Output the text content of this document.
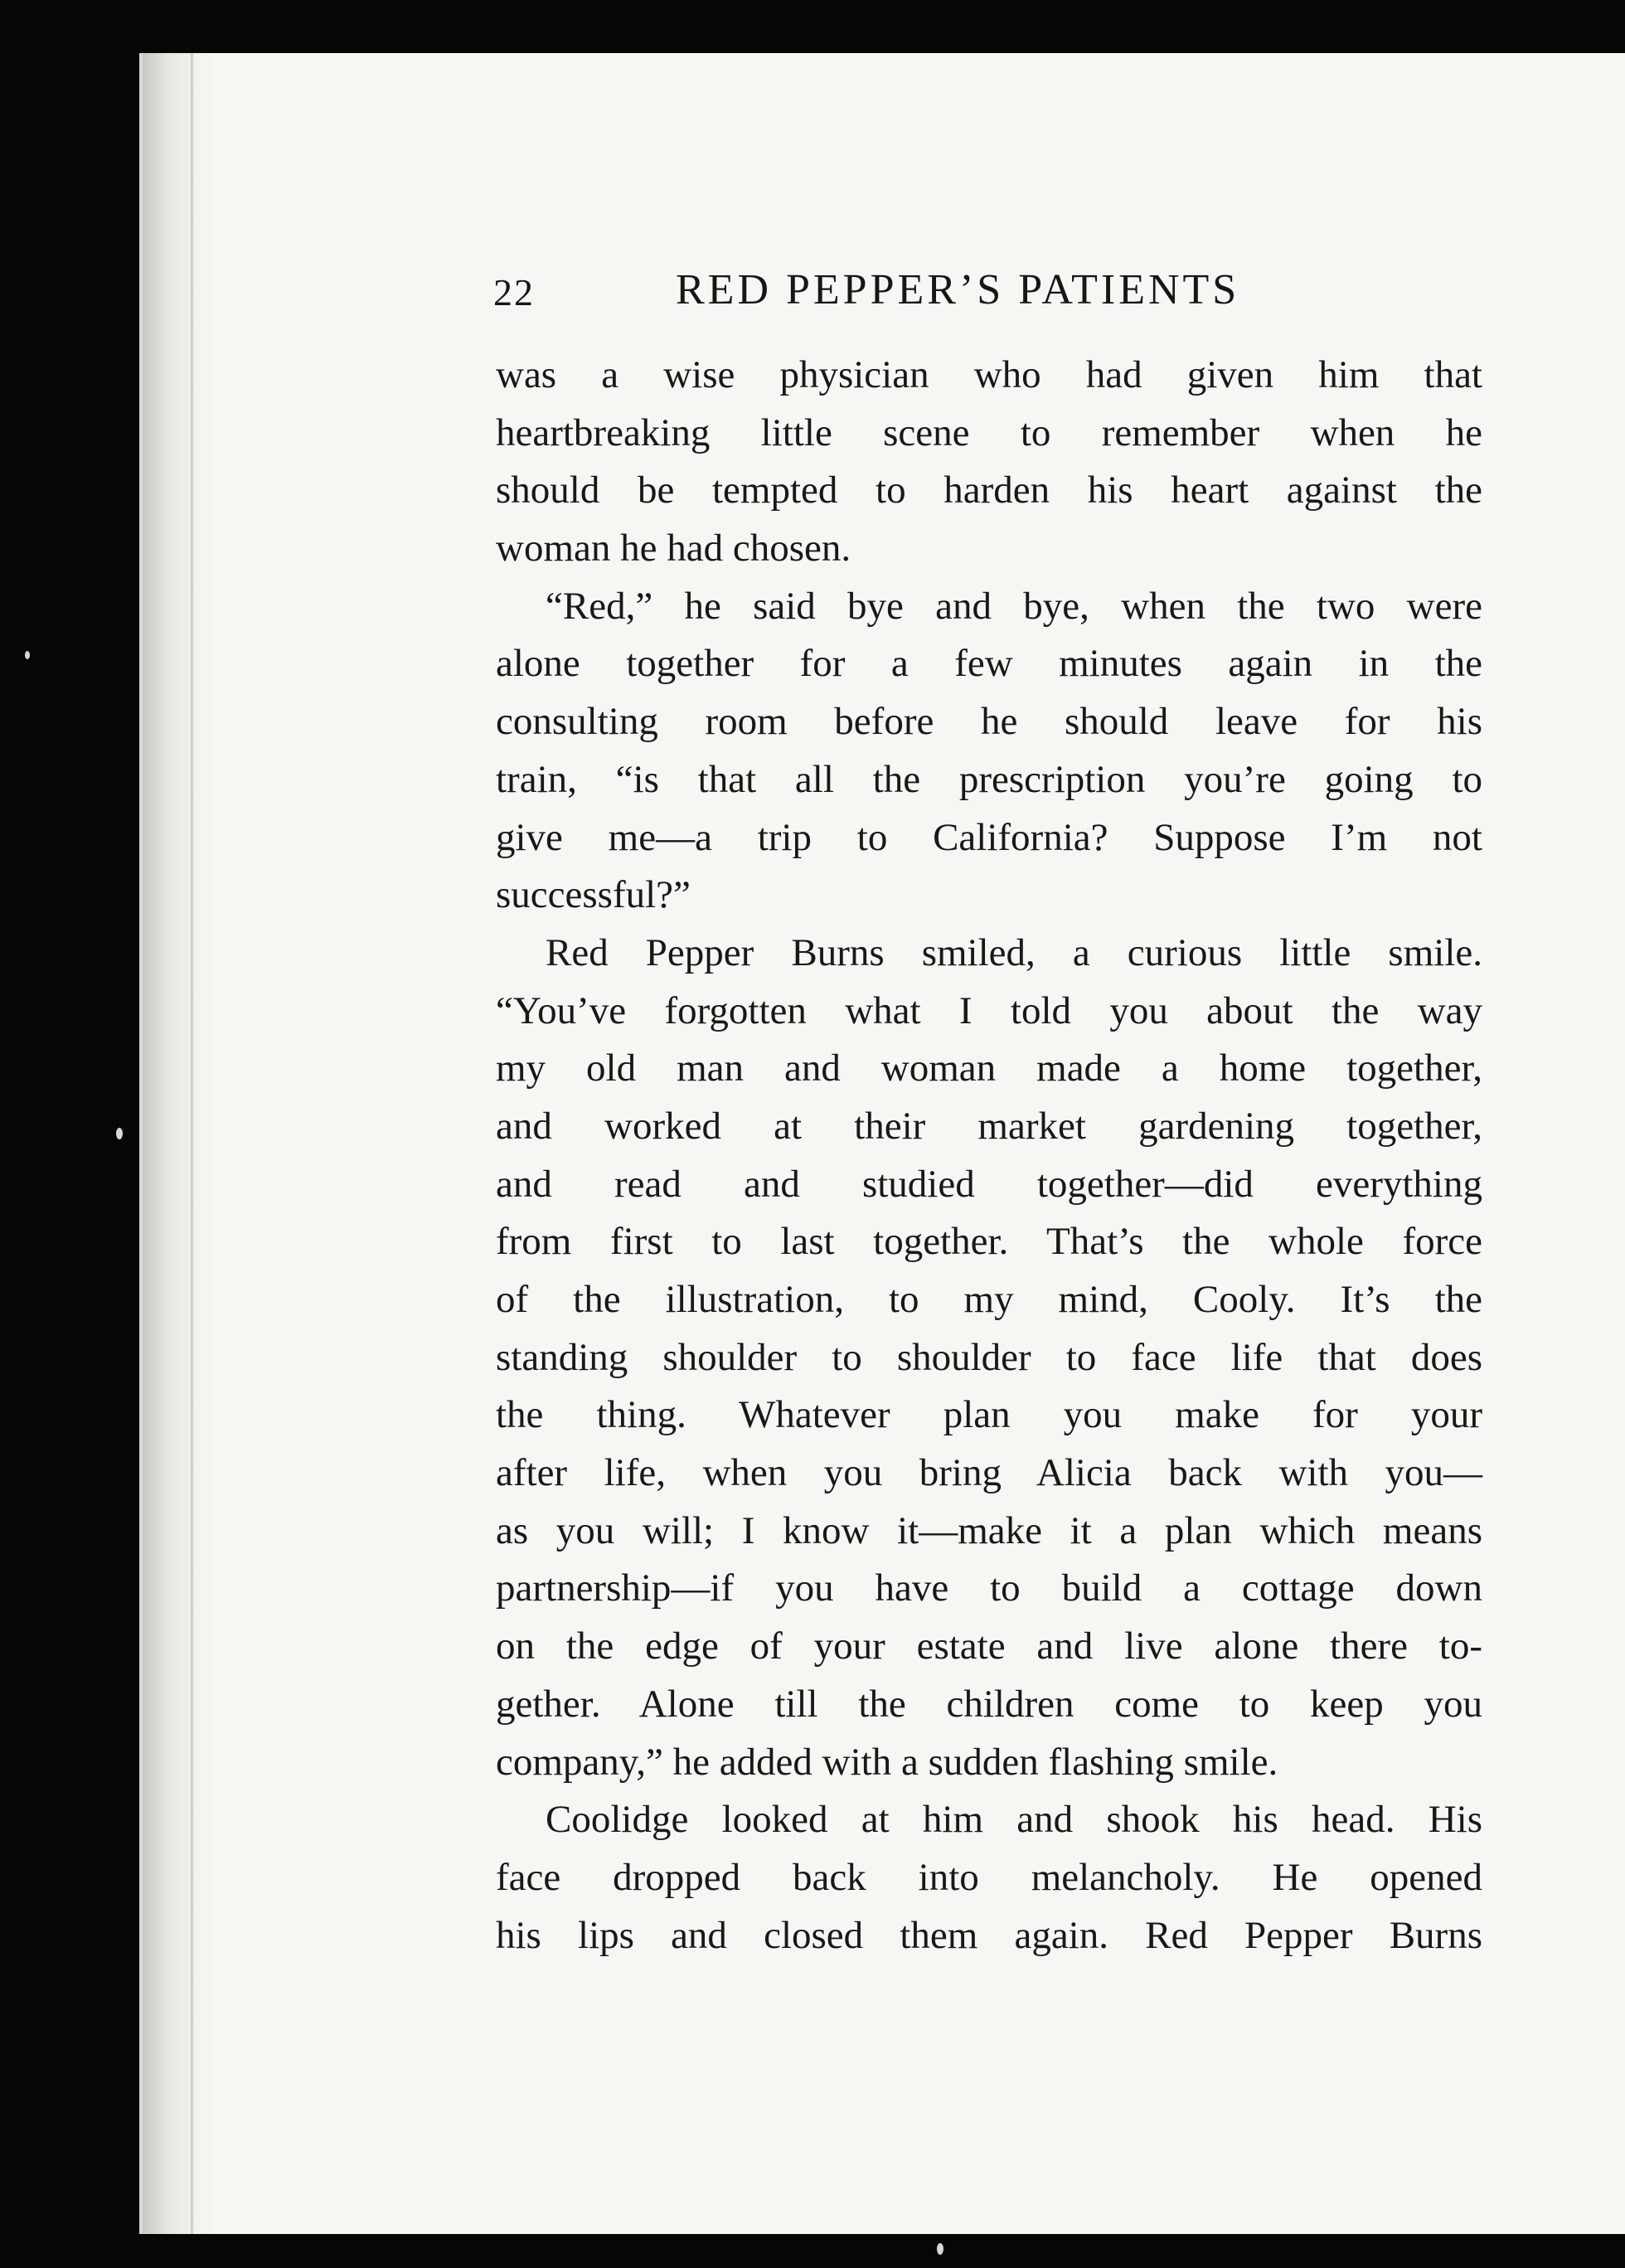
22	RED PEPPER’S PATIENTS
was a wise physician who had given him that
heartbreaking little scene to remember when he
should be tempted to harden his heart against the
woman he had chosen.
“Red,” he said bye and bye, when the two were
alone together for a few minutes again in the
consulting room before he should leave for his
train, “is that all the prescription you’re going to
give me—a trip to California? Suppose I’m not
successful?”
Red Pepper Burns smiled, a curious little smile.
“You’ve forgotten what I told you about the way
my old man and woman made a home together,
and worked at their market gardening together,
and read and studied together—did everything
from first to last together. That’s the whole force
of the illustration, to my mind, Cooly. It’s the
standing shoulder to shoulder to face life that does
the thing. Whatever plan you make for your
after life, when you bring Alicia back with you—
as you will; I know it—make it a plan which means
partnership—if you have to build a cottage down
on the edge of your estate and live alone there to-
gether. Alone till the children come to keep you
company,” he added with a sudden flashing smile.
Coolidge looked at him and shook his head. His
face dropped back into melancholy. He opened
his lips and closed them again. Red Pepper Burns
